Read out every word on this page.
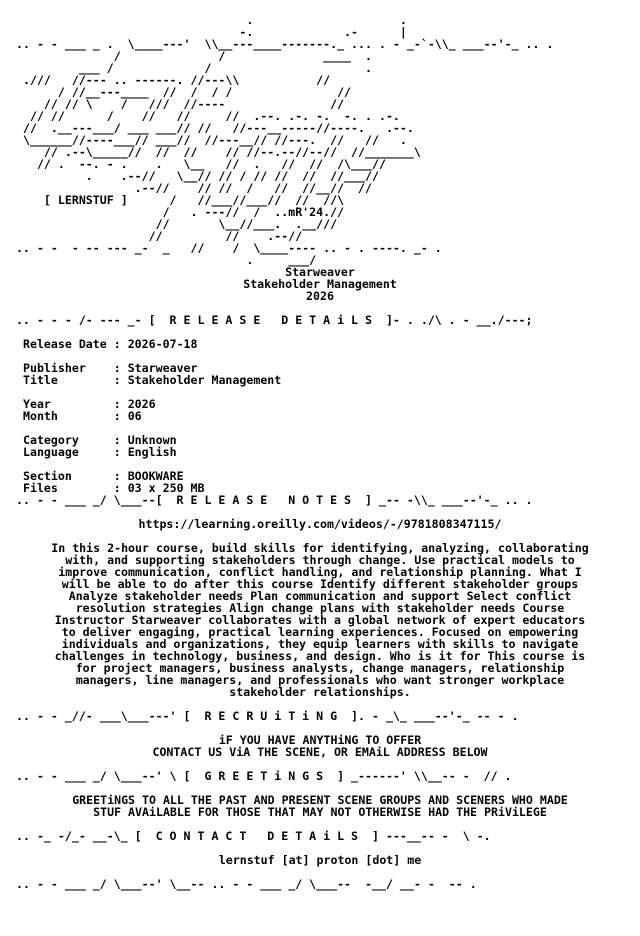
.                     .
-.             .-      |
.. - - ___ _ .  \____---'  \\__---____-------._ ... . - _-`-\\_ ___--'-_ .. .
/              /              ____  .
___ /             /                      .
.///   //--- .. ------. //---\\           //
/ //__---____  //  /  / /               //
// // \    /   ///  //----               //
// //      /    //   //     //  .--. .-. -.  -. . .-.
//  .__---___/ ___ ___// //   //---__-----//----.   .--.
\______//----___// ___//  //---__// //---.  //   //   .
// .--\_____//  //  //    // //--.--//--//  //_______\
// .  --. - .    .   \__   //  .   //  //  /\___//
.    .--//   \__// // / // //  //  //___//
.--//    // //  /   //  //__//  //
[ LERNSTUF ]      /   //___//___//  //  //\
/   . ---//  /  ..mR'24.//
//       \__//___.  .__///
//         //    .--//
.. - -  - -- --- _-  _   //    /  \____---- .. - . ----. _- .
.     ___/
Starweaver
Stakeholder Management
2026

.. - - - /- --- _- [  R E L E A S E   D E T A i L S  ]- . ./\ . - __./---;

Release Date : 2026-07-18

Publisher    : Starweaver
Title        : Stakeholder Management

Year         : 2026
Month        : 06

Category     : Unknown
Language     : English

Section      : BOOKWARE
Files        : 03 x 250 MB

.. - - ___ _/ \___--[  R E L E A S E   N O T E S  ] _-- -\\_ ___--'-_ .. .

https://learning.oreilly.com/videos/-/9781808347115/

In this 2-hour course, build skills for identifying, analyzing, collaborating
with, and supporting stakeholders through change. Use practical models to
improve communication, conflict handling, and relationship planning. What I
will be able to do after this course Identify different stakeholder groups
Analyze stakeholder needs Plan communication and support Select conflict
resolution strategies Align change plans with stakeholder needs Course
Instructor Starweaver collaborates with a global network of expert educators
to deliver engaging, practical learning experiences. Focused on empowering
individuals and organizations, they equip learners with skills to navigate
challenges in technology, business, and design. Who is it for This course is
for project managers, business analysts, change managers, relationship
managers, line managers, and professionals who want stronger workplace
stakeholder relationships.

.. - - _//- ___\___---' [  R E C R U i T i N G  ]. - _\_ ___--'-_ -- - .

iF YOU HAVE ANYTHiNG TO OFFER
CONTACT US ViA THE SCENE, OR EMAiL ADDRESS BELOW

.. - - ___ _/ \___--' \ [  G R E E T i N G S  ] _------' \\__-- -  // .

GREETiNGS TO ALL THE PAST AND PRESENT SCENE GROUPS AND SCENERS WHO MADE
STUF AVAiLABLE FOR THOSE THAT MAY NOT OTHERWISE HAD THE PRiViLEGE

.. -_ -/_- __-\_ [  C O N T A C T   D E T A i L S  ] ---__-- -  \ -.

lernstuf [at] proton [dot] me

.. - - ___ _/ \___--' \__-- .. - - ___ _/ \___--  -__/ __- -  -- .
